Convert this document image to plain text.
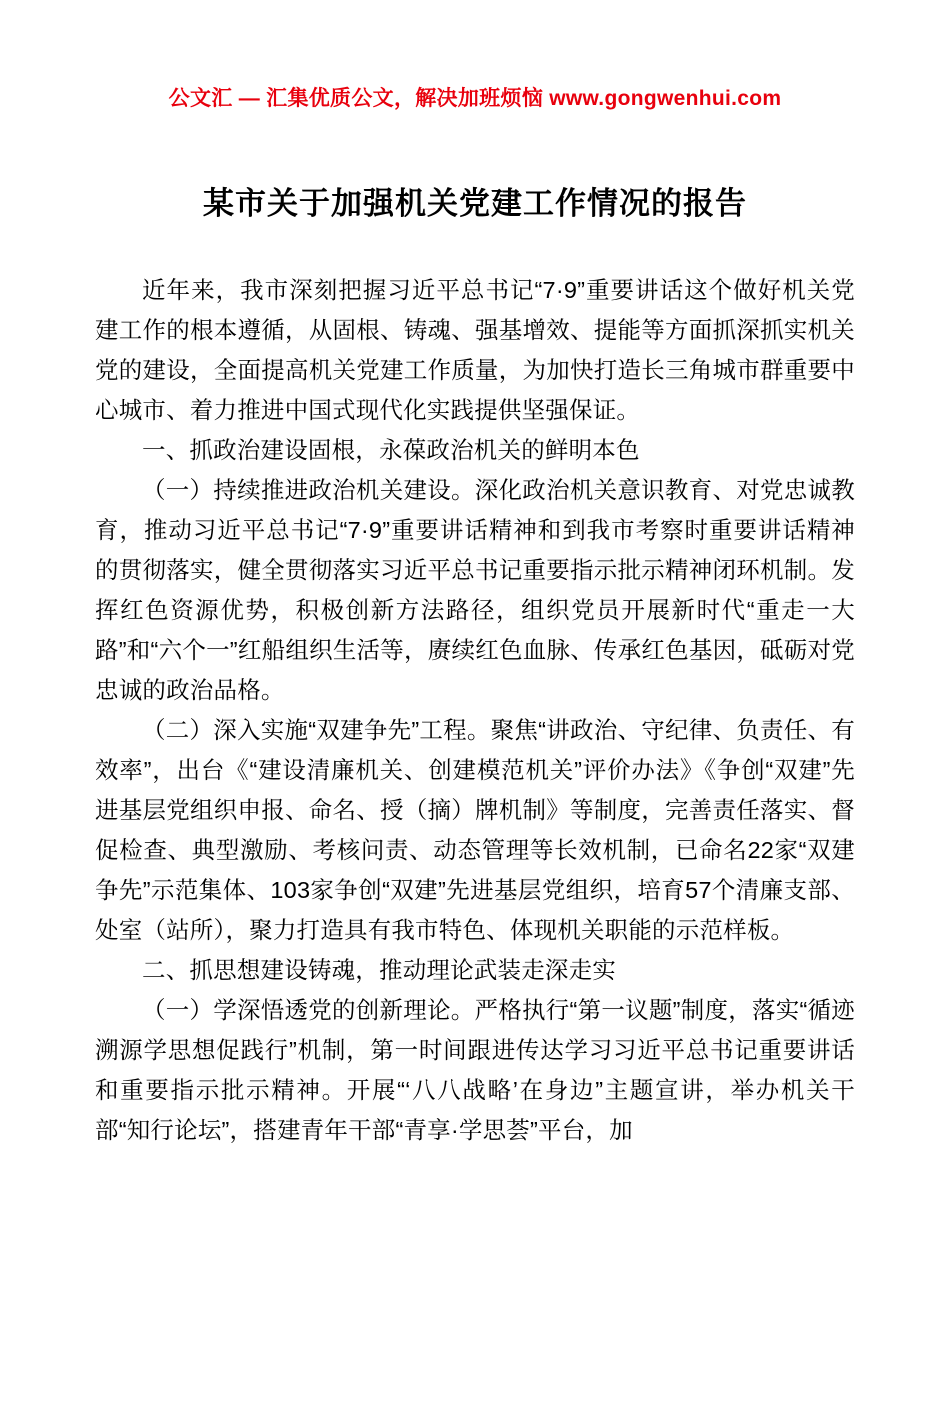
公文汇 — 汇集优质公文，解决加班烦恼 www.gongwenhui.com
某市关于加强机关党建工作情况的报告

近年来，我市深刻把握习近平总书记“7·9”重要讲话这个做好机关党建工作的根本遵循，从固根、铸魂、强基增效、提能等方面抓深抓实机关党的建设，全面提高机关党建工作质量，为加快打造长三角城市群重要中心城市、着力推进中国式现代化实践提供坚强保证。

一、抓政治建设固根，永葆政治机关的鲜明本色

（一）持续推进政治机关建设。深化政治机关意识教育、对党忠诚教育，推动习近平总书记“7·9”重要讲话精神和到我市考察时重要讲话精神的贯彻落实，健全贯彻落实习近平总书记重要指示批示精神闭环机制。发挥红色资源优势，积极创新方法路径，组织党员开展新时代“重走一大路”和“六个一”红船组织生活等，赓续红色血脉、传承红色基因，砥砺对党忠诚的政治品格。

（二）深入实施“双建争先”工程。聚焦“讲政治、守纪律、负责任、有效率”，出台《“建设清廉机关、创建模范机关”评价办法》《争创“双建”先进基层党组织申报、命名、授（摘）牌机制》等制度，完善责任落实、督促检查、典型激励、考核问责、动态管理等长效机制，已命名22家“双建争先”示范集体、103家争创“双建”先进基层党组织，培育57个清廉支部、处室（站所），聚力打造具有我市特色、体现机关职能的示范样板。

二、抓思想建设铸魂，推动理论武装走深走实

（一）学深悟透党的创新理论。严格执行“第一议题”制度，落实“循迹溯源学思想促践行”机制，第一时间跟进传达学习习近平总书记重要讲话和重要指示批示精神。开展“‘八八战略’在身边”主题宣讲，举办机关干部“知行论坛”，搭建青年干部“青享·学思荟”平台，加
